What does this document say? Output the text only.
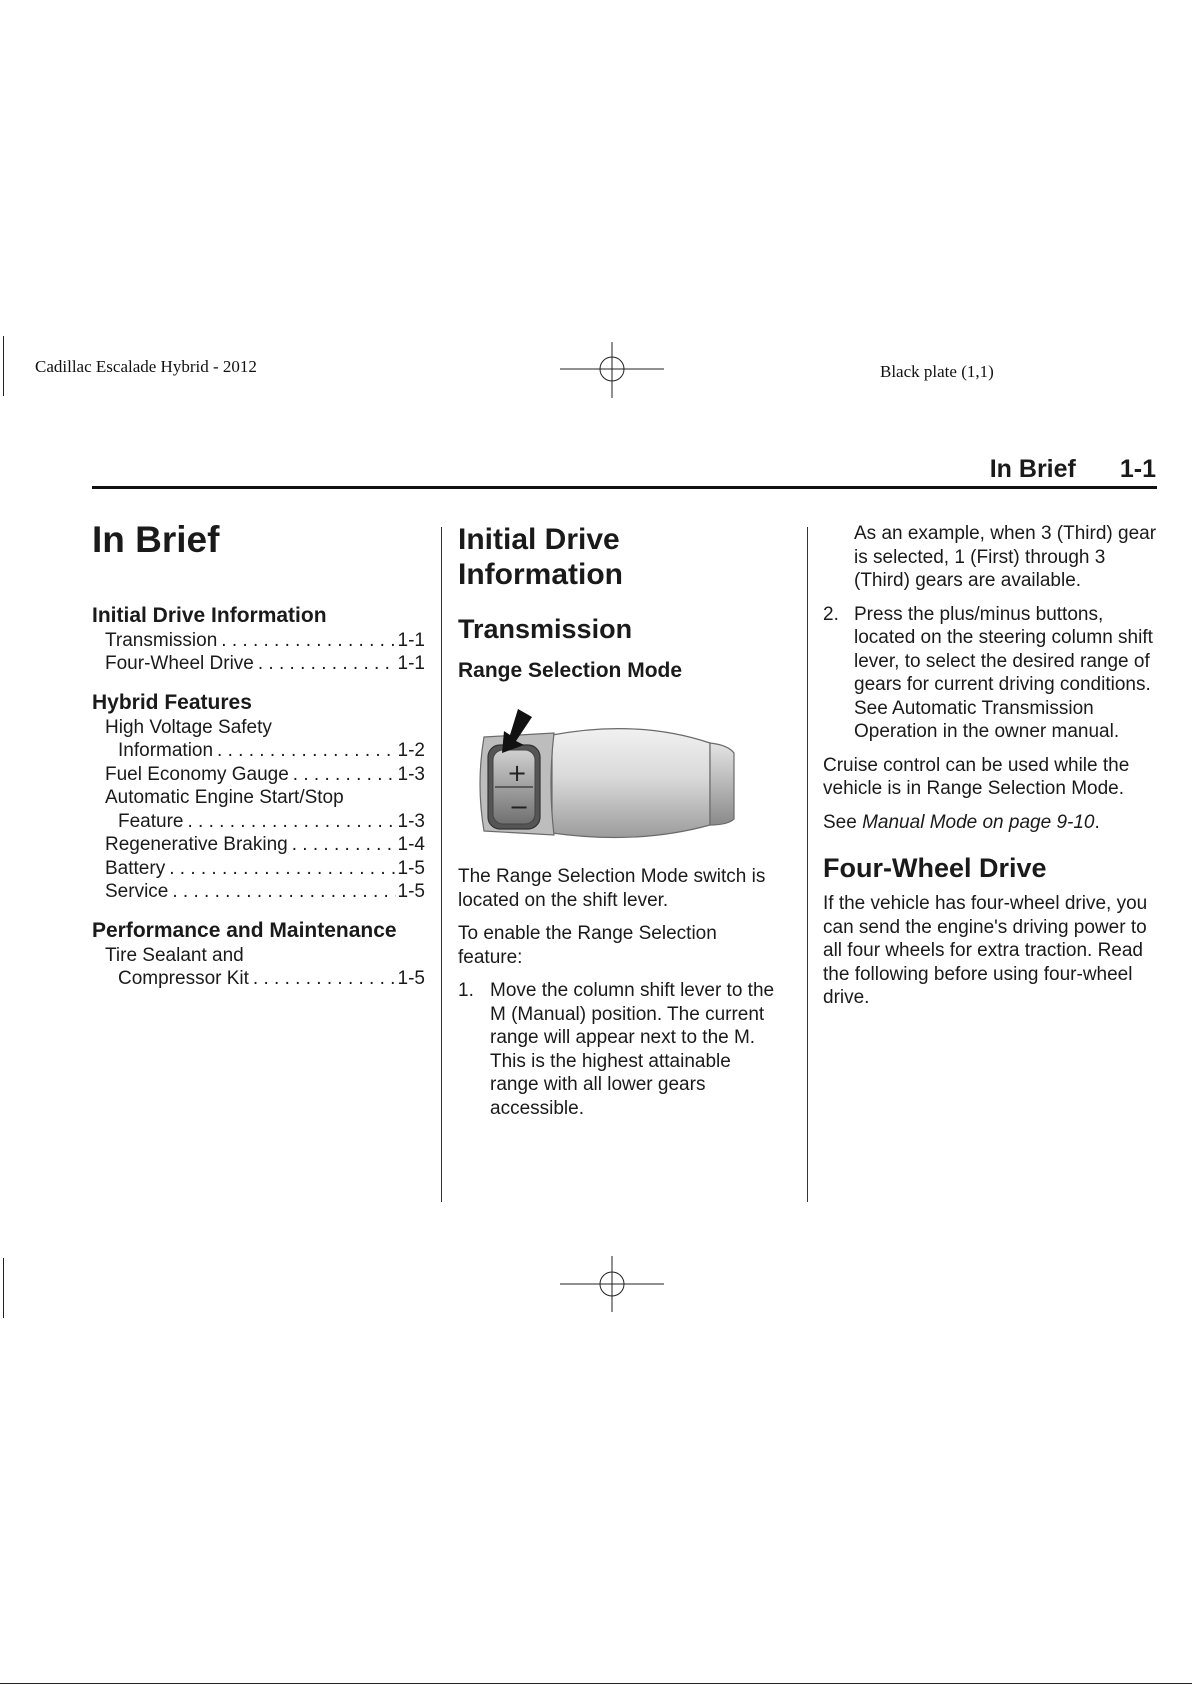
Cadillac Escalade Hybrid - 2012	Black plate (1,1)
In Brief 1-1
In Brief
Initial Drive Information
Transmission . . .	1-1
Four-Wheel Drive . . .	1-1
Hybrid Features
High Voltage Safety
Information . . .	1-2
Fuel Economy Gauge . . .	1-3
Automatic Engine Start/Stop
Feature . . .	1-3
Regenerative Braking . . .	1-4
Battery . . .	1-5
Service . . .	1-5
Performance and Maintenance
Tire Sealant and
Compressor Kit . . .	1-5
Initial Drive
Information
Transmission
Range Selection Mode
+
−

The Range Selection Mode switch is located on the shift lever.

To enable the Range Selection feature:

1. Move the column shift lever to the M (Manual) position. The current range will appear next to the M. This is the highest attainable range with all lower gears accessible.
As an example, when 3 (Third) gear is selected, 1 (First) through 3 (Third) gears are available.
2. Press the plus/minus buttons, located on the steering column shift lever, to select the desired range of gears for current driving conditions. See Automatic Transmission Operation in the owner manual.

Cruise control can be used while the vehicle is in Range Selection Mode.

See Manual Mode on page 9-10.

Four-Wheel Drive

If the vehicle has four-wheel drive, you can send the engine's driving power to all four wheels for extra traction. Read the following before using four-wheel drive.
